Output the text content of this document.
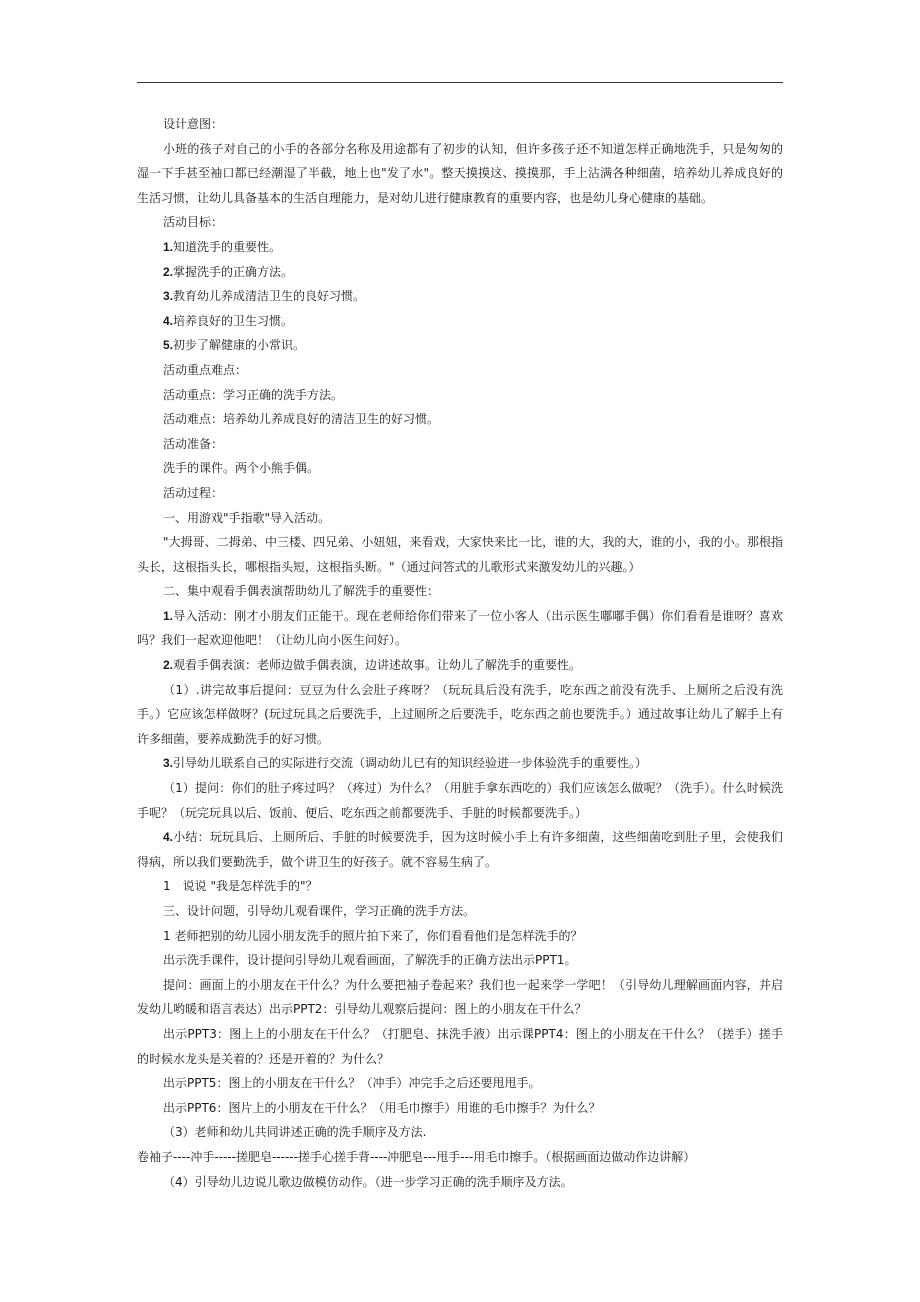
设计意图：

小班的孩子对自己的小手的各部分名称及用途都有了初步的认知，但许多孩子还不知道怎样正确地洗手，只是匆匆的湿一下手甚至袖口都已经潮湿了半截，地上也"发了水"。整天摸摸这、摸摸那，手上沾满各种细菌，培养幼儿养成良好的生活习惯，让幼儿具备基本的生活自理能力，是对幼儿进行健康教育的重要内容，也是幼儿身心健康的基础。

活动目标：

1.知道洗手的重要性。

2.掌握洗手的正确方法。

3.教育幼儿养成清洁卫生的良好习惯。

4.培养良好的卫生习惯。

5.初步了解健康的小常识。

活动重点难点：

活动重点：学习正确的洗手方法。

活动难点：培养幼儿养成良好的清洁卫生的好习惯。

活动准备：

洗手的课件。两个小熊手偶。

活动过程：

一、用游戏"手指歌"导入活动。

"大拇哥、二拇弟、中三楼、四兄弟、小妞妞，来看戏，大家快来比一比，谁的大，我的大，谁的小，我的小。那根指头长，这根指头长，哪根指头短，这根指头断。"（通过问答式的儿歌形式来激发幼儿的兴趣。）

二、集中观看手偶表演帮助幼儿了解洗手的重要性：

1.导入活动：刚才小朋友们正能干。现在老师给你们带来了一位小客人（出示医生嘟嘟手偶）你们看看是谁呀？喜欢吗？我们一起欢迎他吧！（让幼儿向小医生问好）。

2.观看手偶表演：老师边做手偶表演，边讲述故事。让幼儿了解洗手的重要性。

（1）.讲完故事后提问：豆豆为什么会肚子疼呀？（玩玩具后没有洗手，吃东西之前没有洗手、上厕所之后没有洗手。）它应该怎样做呀？(玩过玩具之后要洗手，上过厕所之后要洗手，吃东西之前也要洗手。）通过故事让幼儿了解手上有许多细菌，要养成勤洗手的好习惯。

3.引导幼儿联系自己的实际进行交流（调动幼儿已有的知识经验进一步体验洗手的重要性。）

（1）提问：你们的肚子疼过吗？（疼过）为什么？（用脏手拿东西吃的）我们应该怎么做呢？（洗手）。什么时候洗手呢？（玩完玩具以后、饭前、便后、吃东西之前都要洗手、手脏的时候都要洗手。）

4.小结：玩玩具后、上厕所后、手脏的时候要洗手，因为这时候小手上有许多细菌，这些细菌吃到肚子里，会使我们得病，所以我们要勤洗手，做个讲卫生的好孩子。就不容易生病了。

1　说说 "我是怎样洗手的"？

三、设计问题，引导幼儿观看课件，学习正确的洗手方法。

1 老师把别的幼儿园小朋友洗手的照片拍下来了，你们看看他们是怎样洗手的？

出示洗手课件，设计提问引导幼儿观看画面，了解洗手的正确方法出示PPT1。

提问：画面上的小朋友在干什么？为什么要把袖子卷起来？我们也一起来学一学吧！（引导幼儿理解画面内容，并启发幼儿哟暖和语言表达）出示PPT2：引导幼儿观察后提问：图上的小朋友在干什么？

出示PPT3：图上上的小朋友在干什么？（打肥皂、抹洗手液）出示课PPT4：图上的小朋友在干什么？（搓手）搓手的时候水龙头是关着的？还是开着的？为什么？

出示PPT5：图上的小朋友在干什么？（冲手）冲完手之后还要甩甩手。

出示PPT6：图片上的小朋友在干什么？（用毛巾擦手）用谁的毛巾擦手？为什么？

（3）老师和幼儿共同讲述正确的洗手顺序及方法.

卷袖子----冲手-----搓肥皂------搓手心搓手背----冲肥皂---甩手---用毛巾擦手。（根据画面边做动作边讲解）

（4）引导幼儿边说儿歌边做模仿动作。（进一步学习正确的洗手顺序及方法。
